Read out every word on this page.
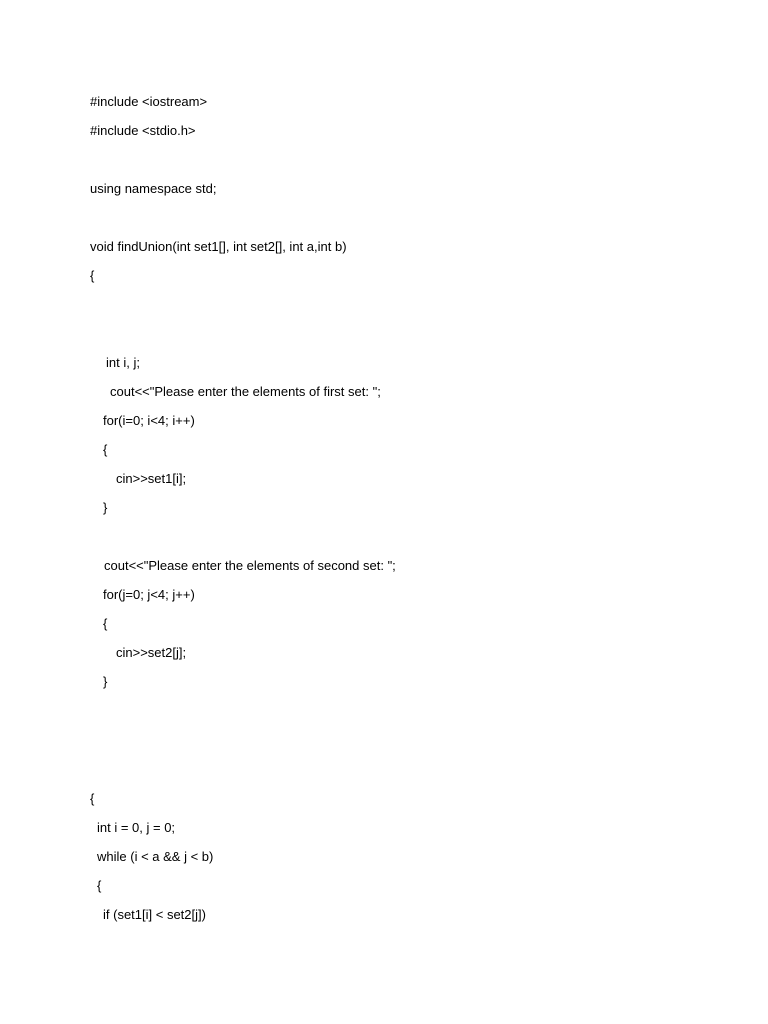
#include <iostream>
#include <stdio.h>
using namespace std;
void findUnion(int set1[], int set2[], int a,int b)
{
int i, j;
cout<<"Please enter the elements of first set: ";
for(i=0; i<4; i++)
{
cin>>set1[i];
}
cout<<"Please enter the elements of second set: ";
for(j=0; j<4; j++)
{
cin>>set2[j];
}
{
int i = 0, j = 0;
while (i < a && j < b)
{
if (set1[i] < set2[j])
